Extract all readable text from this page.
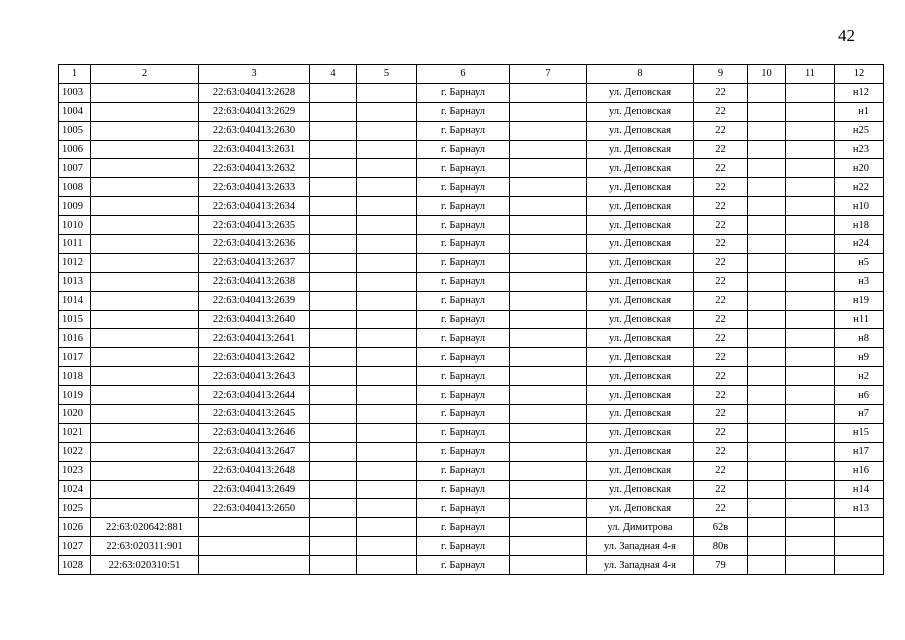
42
1	2	3	4	5	6	7	8	9	10	11	12
1003		22:63:040413:2628			г. Барнаул		ул. Деповская	22			н12
1004		22:63:040413:2629			г. Барнаул		ул. Деповская	22			н1
1005		22:63:040413:2630			г. Барнаул		ул. Деповская	22			н25
1006		22:63:040413:2631			г. Барнаул		ул. Деповская	22			н23
1007		22:63:040413:2632			г. Барнаул		ул. Деповская	22			н20
1008		22:63:040413:2633			г. Барнаул		ул. Деповская	22			н22
1009		22:63:040413:2634			г. Барнаул		ул. Деповская	22			н10
1010		22:63:040413:2635			г. Барнаул		ул. Деповская	22			н18
1011		22:63:040413:2636			г. Барнаул		ул. Деповская	22			н24
1012		22:63:040413:2637			г. Барнаул		ул. Деповская	22			н5
1013		22:63:040413:2638			г. Барнаул		ул. Деповская	22			н3
1014		22:63:040413:2639			г. Барнаул		ул. Деповская	22			н19
1015		22:63:040413:2640			г. Барнаул		ул. Деповская	22			н11
1016		22:63:040413:2641			г. Барнаул		ул. Деповская	22			н8
1017		22:63:040413:2642			г. Барнаул		ул. Деповская	22			н9
1018		22:63:040413:2643			г. Барнаул		ул. Деповская	22			н2
1019		22:63:040413:2644			г. Барнаул		ул. Деповская	22			н6
1020		22:63:040413:2645			г. Барнаул		ул. Деповская	22			н7
1021		22:63:040413:2646			г. Барнаул		ул. Деповская	22			н15
1022		22:63:040413:2647			г. Барнаул		ул. Деповская	22			н17
1023		22:63:040413:2648			г. Барнаул		ул. Деповская	22			н16
1024		22:63:040413:2649			г. Барнаул		ул. Деповская	22			н14
1025		22:63:040413:2650			г. Барнаул		ул. Деповская	22			н13
1026	22:63:020642:881				г. Барнаул		ул. Димитрова	62в			
1027	22:63:020311:901				г. Барнаул		ул. Западная 4-я	80в			
1028	22:63:020310:51				г. Барнаул		ул. Западная 4-я	79			
